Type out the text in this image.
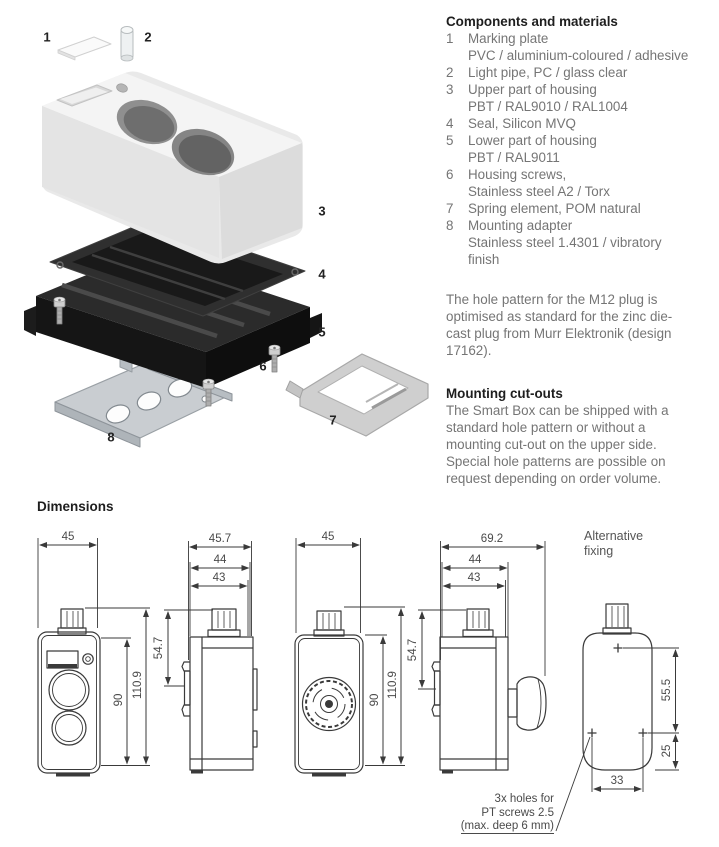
1	2
3
4
5
6
7
8
Components and materials
1	Marking plate
PVC / aluminium-coloured / adhesive
2	Light pipe, PC / glass clear
3	Upper part of housing
PBT / RAL9010 / RAL1004
4	Seal, Silicon MVQ
5	Lower part of housing
PBT / RAL9011
6	Housing screws,
Stainless steel A2 / Torx
7	Spring element, POM natural
8	Mounting adapter
Stainless steel 1.4301 / vibratory
finish
The hole pattern for the M12 plug is
optimised as standard for the zinc die-
cast plug from Murr Elektronik (design
17162).
Mounting cut-outs
The Smart Box can be shipped with a
standard hole pattern or without a
mounting cut-out on the upper side.
Special hole patterns are possible on
request depending on order volume.
Dimensions
45
90
110.9
45.7
44
43
54.7
45
90
110.9
69.2
44
43
54.7
55.5
25
33
Alternative
fixing
3x holes for
PT screws 2.5
(max. deep 6 mm)
